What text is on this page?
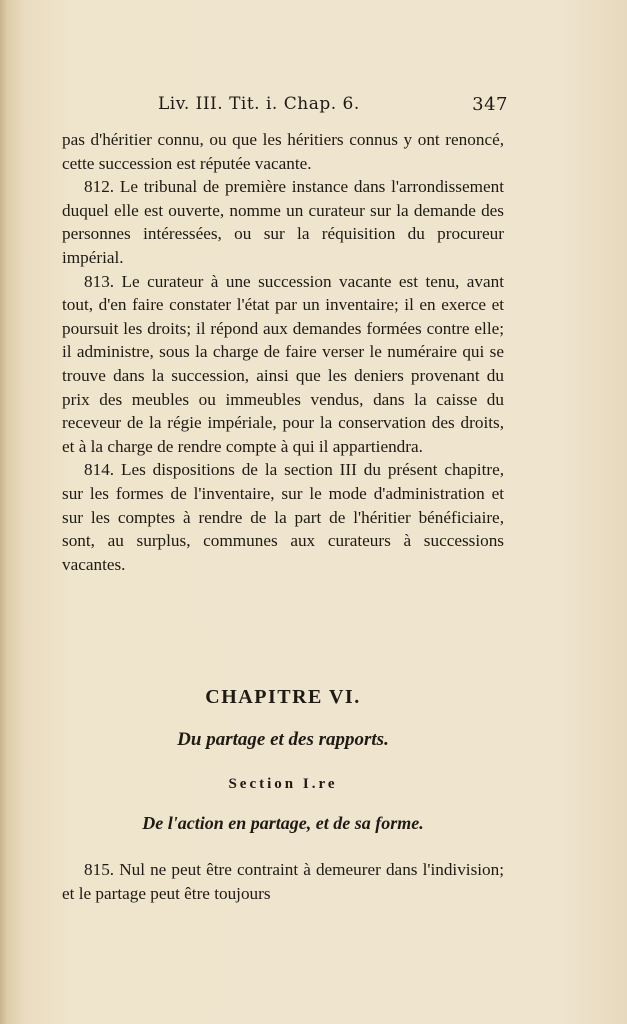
Liv. III. Tit. i. Chap. 6.	347

pas d'héritier connu, ou que les héritiers connus y ont renoncé, cette succession est réputée vacante.

812. Le tribunal de première instance dans l'arrondissement duquel elle est ouverte, nomme un curateur sur la demande des personnes intéressées, ou sur la réquisition du procureur impérial.

813. Le curateur à une succession vacante est tenu, avant tout, d'en faire constater l'état par un inventaire; il en exerce et poursuit les droits; il répond aux demandes formées contre elle; il administre, sous la charge de faire verser le numéraire qui se trouve dans la succession, ainsi que les deniers provenant du prix des meubles ou immeubles vendus, dans la caisse du receveur de la régie impériale, pour la conservation des droits, et à la charge de rendre compte à qui il appartiendra.

814. Les dispositions de la section III du présent chapitre, sur les formes de l'inventaire, sur le mode d'administration et sur les comptes à rendre de la part de l'héritier bénéficiaire, sont, au surplus, communes aux curateurs à successions vacantes.

CHAPITRE VI.
Du partage et des rapports.
Section I.re
De l'action en partage, et de sa forme.

815. Nul ne peut être contraint à demeurer dans l'indivision; et le partage peut être toujours
